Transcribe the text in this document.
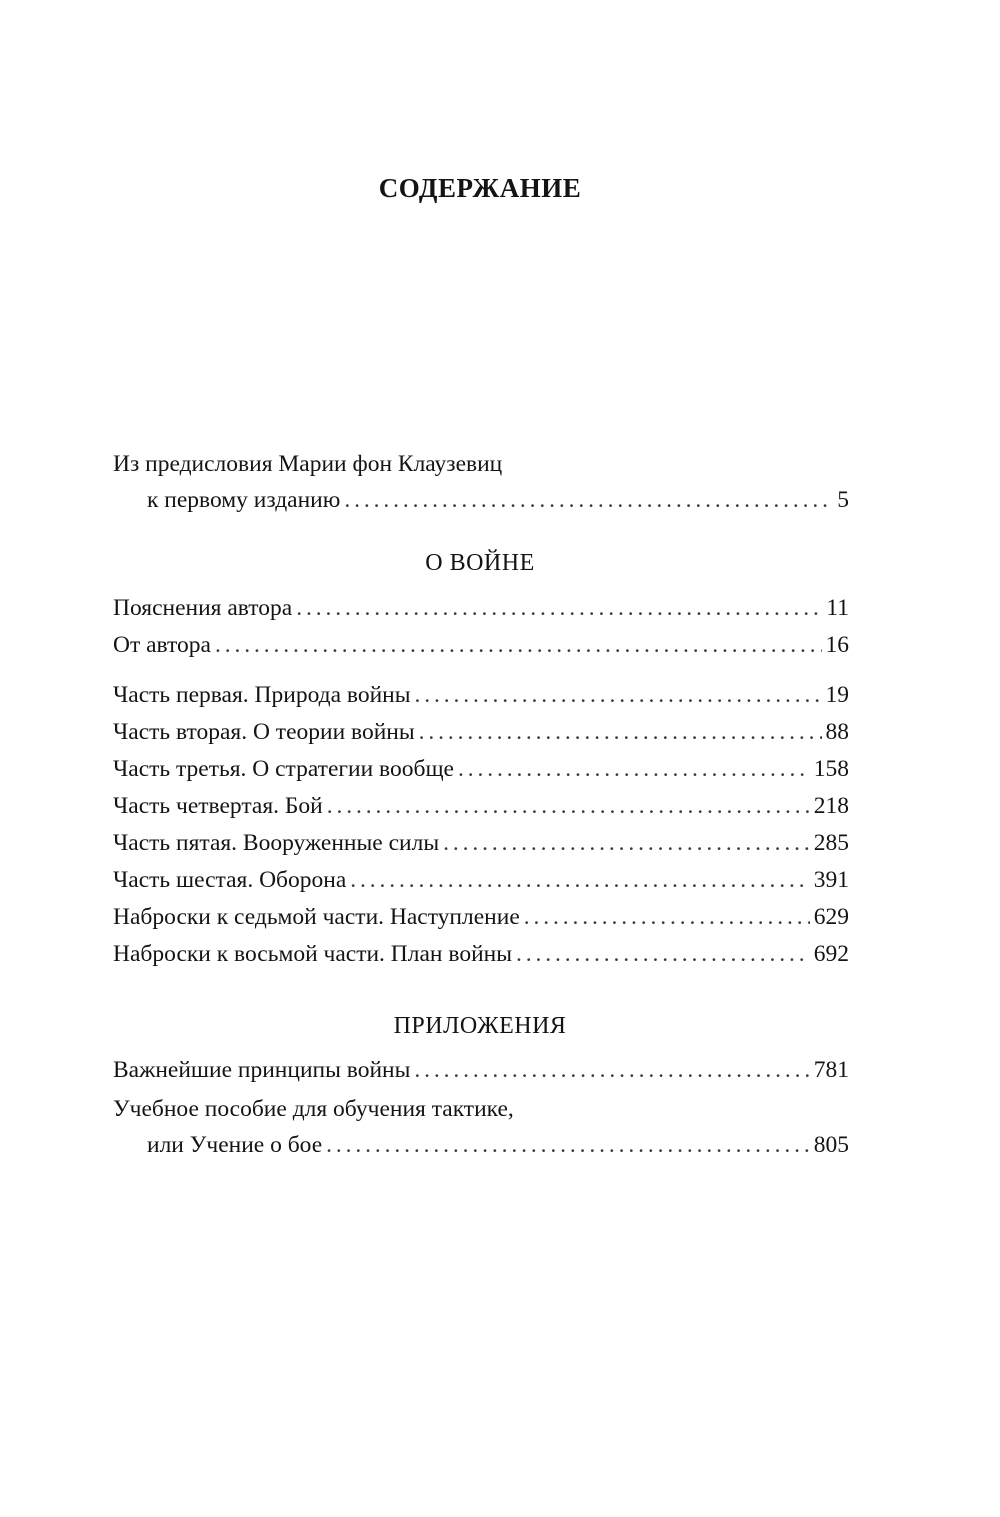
СОДЕРЖАНИЕ
Из предисловия Марии фон Клаузевиц
к первому изданию . . .	5
О ВОЙНЕ
Пояснения автора . . .	11
От автора . . .	16
Часть первая. Природа войны . . .	19
Часть вторая. О теории войны . . .	88
Часть третья. О стратегии вообще . . .	158
Часть четвертая. Бой . . .	218
Часть пятая. Вооруженные силы . . .	285
Часть шестая. Оборона . . .	391
Наброски к седьмой части. Наступление . . .	629
Наброски к восьмой части. План войны . . .	692
ПРИЛОЖЕНИЯ
Важнейшие принципы войны . . .	781
Учебное пособие для обучения тактике,
или Учение о бое . . .	805
